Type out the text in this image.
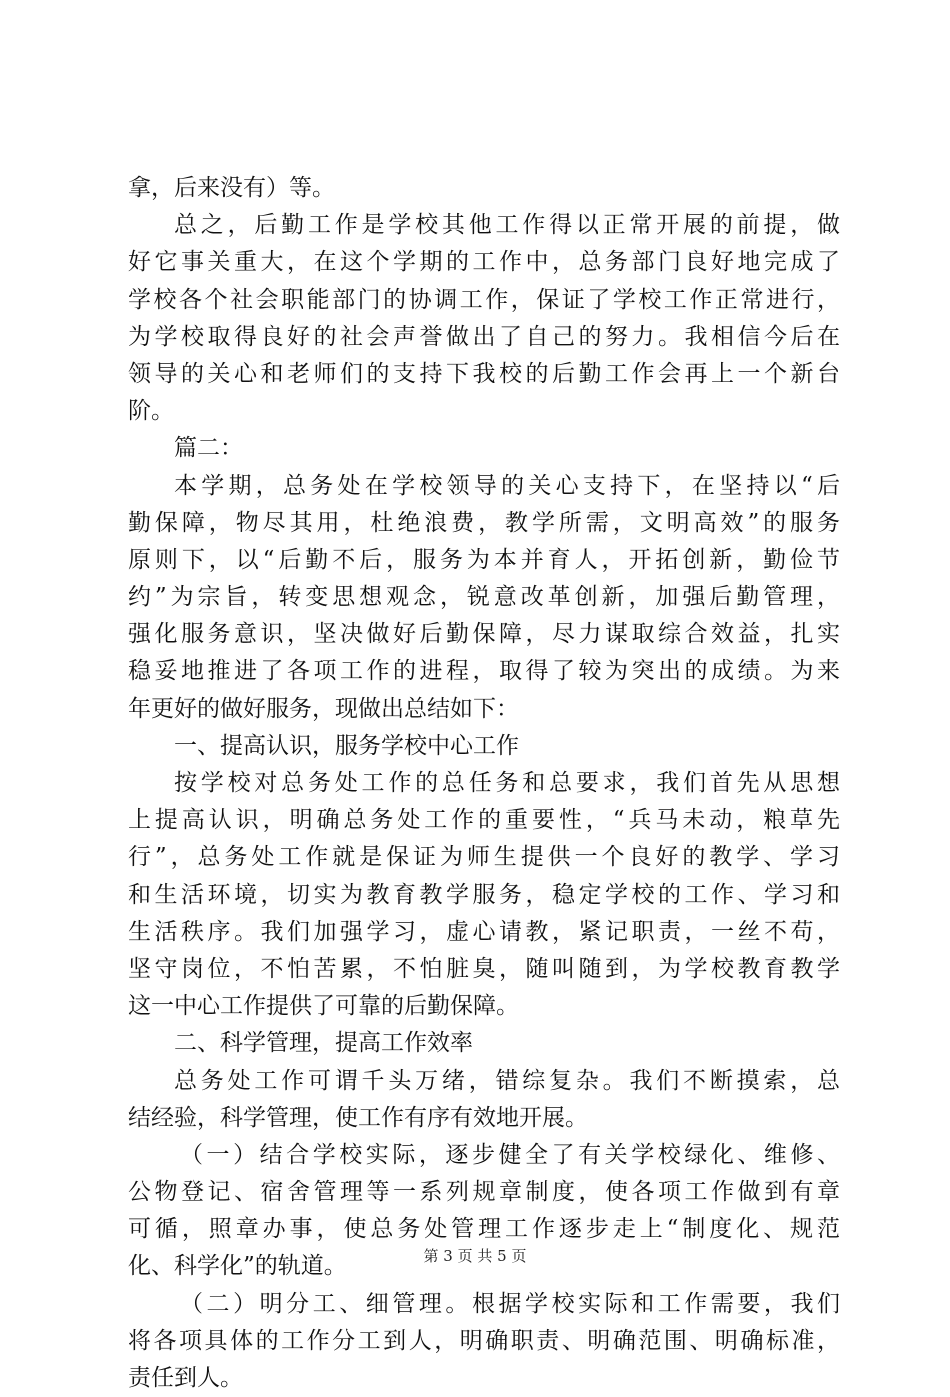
拿，后来没有）等。
总之，后勤工作是学校其他工作得以正常开展的前提，做
好它事关重大，在这个学期的工作中，总务部门良好地完成了
学校各个社会职能部门的协调工作，保证了学校工作正常进行，
为学校取得良好的社会声誉做出了自己的努力。我相信今后在
领导的关心和老师们的支持下我校的后勤工作会再上一个新台
阶。
篇二：
本学期，总务处在学校领导的关心支持下，在坚持以“后
勤保障，物尽其用，杜绝浪费，教学所需，文明高效”的服务
原则下，以“后勤不后，服务为本并育人，开拓创新，勤俭节
约”为宗旨，转变思想观念，锐意改革创新，加强后勤管理，
强化服务意识，坚决做好后勤保障，尽力谋取综合效益，扎实
稳妥地推进了各项工作的进程，取得了较为突出的成绩。为来
年更好的做好服务，现做出总结如下：
一、提高认识，服务学校中心工作
按学校对总务处工作的总任务和总要求，我们首先从思想
上提高认识，明确总务处工作的重要性，“兵马未动，粮草先
行”，总务处工作就是保证为师生提供一个良好的教学、学习
和生活环境，切实为教育教学服务，稳定学校的工作、学习和
生活秩序。我们加强学习，虚心请教，紧记职责，一丝不苟，
坚守岗位，不怕苦累，不怕脏臭，随叫随到，为学校教育教学
这一中心工作提供了可靠的后勤保障。
二、科学管理，提高工作效率
总务处工作可谓千头万绪，错综复杂。我们不断摸索，总
结经验，科学管理，使工作有序有效地开展。
（一）结合学校实际，逐步健全了有关学校绿化、维修、
公物登记、宿舍管理等一系列规章制度，使各项工作做到有章
可循，照章办事，使总务处管理工作逐步走上“制度化、规范
化、科学化”的轨道。
（二）明分工、细管理。根据学校实际和工作需要，我们
将各项具体的工作分工到人，明确职责、明确范围、明确标准，
责任到人。
第 3 页 共 5 页
